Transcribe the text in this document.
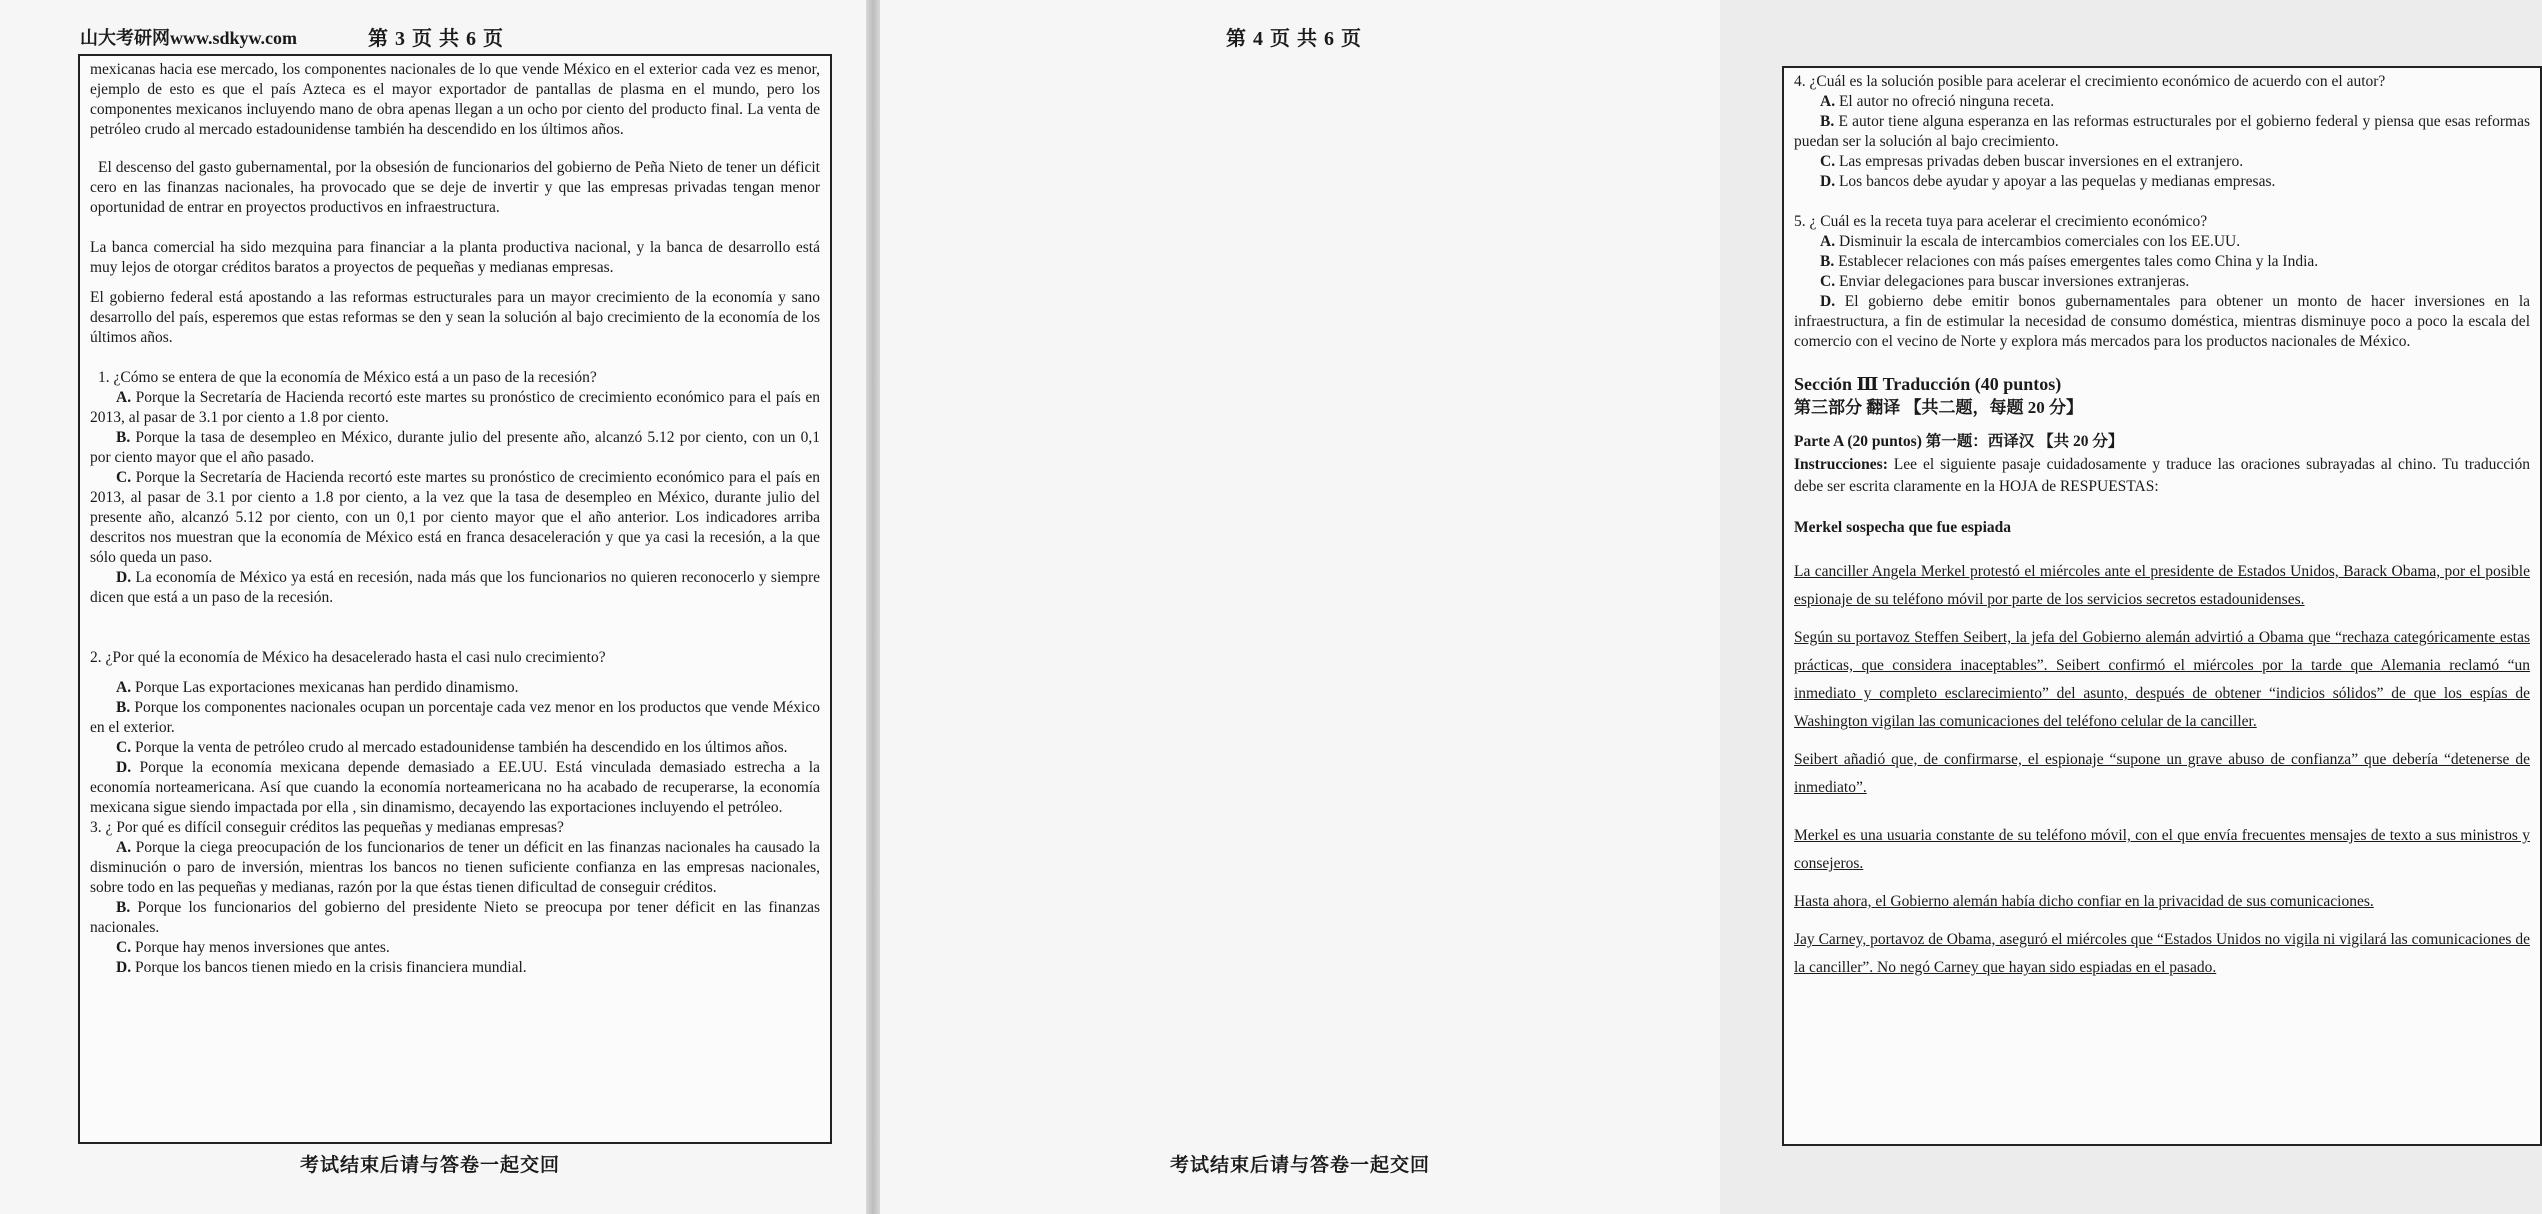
山大考研网www.sdkyw.com	第 3 页 共 6 页

mexicanas hacia ese mercado, los componentes nacionales de lo que vende México en el exterior cada vez es menor, ejemplo de esto es que el país Azteca es el mayor exportador de pantallas de plasma en el mundo, pero los componentes mexicanos incluyendo mano de obra apenas llegan a un ocho por ciento del producto final. La venta de petróleo crudo al mercado estadounidense también ha descendido en los últimos años.

El descenso del gasto gubernamental, por la obsesión de funcionarios del gobierno de Peña Nieto de tener un déficit cero en las finanzas nacionales, ha provocado que se deje de invertir y que las empresas privadas tengan menor oportunidad de entrar en proyectos productivos en infraestructura.

La banca comercial ha sido mezquina para financiar a la planta productiva nacional, y la banca de desarrollo está muy lejos de otorgar créditos baratos a proyectos de pequeñas y medianas empresas.

El gobierno federal está apostando a las reformas estructurales para un mayor crecimiento de la economía y sano desarrollo del país, esperemos que estas reformas se den y sean la solución al bajo crecimiento de la economía de los últimos años.

1. ¿Cómo se entera de que la economía de México está a un paso de la recesión?

A. Porque la Secretaría de Hacienda recortó este martes su pronóstico de crecimiento económico para el país en 2013, al pasar de 3.1 por ciento a 1.8 por ciento.

B. Porque la tasa de desempleo en México, durante julio del presente año, alcanzó 5.12 por ciento, con un 0,1 por ciento mayor que el año pasado.

C. Porque la Secretaría de Hacienda recortó este martes su pronóstico de crecimiento económico para el país en 2013, al pasar de 3.1 por ciento a 1.8 por ciento, a la vez que la tasa de desempleo en México, durante julio del presente año, alcanzó 5.12 por ciento, con un 0,1 por ciento mayor que el año anterior. Los indicadores arriba descritos nos muestran que la economía de México está en franca desaceleración y que ya casi la recesión, a la que sólo queda un paso.

D. La economía de México ya está en recesión, nada más que los funcionarios no quieren reconocerlo y siempre dicen que está a un paso de la recesión.

2. ¿Por qué la economía de México ha desacelerado hasta el casi nulo crecimiento?

A. Porque Las exportaciones mexicanas han perdido dinamismo.

B. Porque los componentes nacionales ocupan un porcentaje cada vez menor en los productos que vende México en el exterior.

C. Porque la venta de petróleo crudo al mercado estadounidense también ha descendido en los últimos años.

D. Porque la economía mexicana depende demasiado a EE.UU. Está vinculada demasiado estrecha a la economía norteamericana. Así que cuando la economía norteamericana no ha acabado de recuperarse, la economía mexicana sigue siendo impactada por ella , sin dinamismo, decayendo las exportaciones incluyendo el petróleo.

3. ¿ Por qué es difícil conseguir créditos las pequeñas y medianas empresas?

A. Porque la ciega preocupación de los funcionarios de tener un déficit en las finanzas nacionales ha causado la disminución o paro de inversión, mientras los bancos no tienen suficiente confianza en las empresas nacionales, sobre todo en las pequeñas y medianas, razón por la que éstas tienen dificultad de conseguir créditos.

B. Porque los funcionarios del gobierno del presidente Nieto se preocupa por tener déficit en las finanzas nacionales.

C. Porque hay menos inversiones que antes.

D. Porque los bancos tienen miedo en la crisis financiera mundial.

考试结束后请与答卷一起交回
第 4 页 共 6 页

4. ¿Cuál es la solución posible para acelerar el crecimiento económico de acuerdo con el autor?

A. El autor no ofreció ninguna receta.

B. E autor tiene alguna esperanza en las reformas estructurales por el gobierno federal y piensa que esas reformas puedan ser la solución al bajo crecimiento.

C. Las empresas privadas deben buscar inversiones en el extranjero.

D. Los bancos debe ayudar y apoyar a las pequelas y medianas empresas.

5. ¿ Cuál es la receta tuya para acelerar el crecimiento económico?

A. Disminuir la escala de intercambios comerciales con los EE.UU.

B. Establecer relaciones con más países emergentes tales como China y la India.

C. Enviar delegaciones para buscar inversiones extranjeras.

D. El gobierno debe emitir bonos gubernamentales para obtener un monto de hacer inversiones en la infraestructura, a fin de estimular la necesidad de consumo doméstica, mientras disminuye poco a poco la escala del comercio con el vecino de Norte y explora más mercados para los productos nacionales de México.

Sección Ⅲ Traducción (40 puntos)

第三部分 翻译 【共二题，每题 20 分】

Parte A (20 puntos) 第一题：西译汉 【共 20 分】

Instrucciones: Lee el siguiente pasaje cuidadosamente y traduce las oraciones subrayadas al chino. Tu traducción debe ser escrita claramente en la HOJA de RESPUESTAS:

Merkel sospecha que fue espiada

La canciller Angela Merkel protestó el miércoles ante el presidente de Estados Unidos, Barack Obama, por el posible espionaje de su teléfono móvil por parte de los servicios secretos estadounidenses.

Según su portavoz Steffen Seibert, la jefa del Gobierno alemán advirtió a Obama que “rechaza categóricamente estas prácticas, que considera inaceptables”. Seibert confirmó el miércoles por la tarde que Alemania reclamó “un inmediato y completo esclarecimiento” del asunto, después de obtener “indicios sólidos” de que los espías de Washington vigilan las comunicaciones del teléfono celular de la canciller.

Seibert añadió que, de confirmarse, el espionaje “supone un grave abuso de confianza” que debería “detenerse de inmediato”.

Merkel es una usuaria constante de su teléfono móvil, con el que envía frecuentes mensajes de texto a sus ministros y consejeros.

Hasta ahora, el Gobierno alemán había dicho confiar en la privacidad de sus comunicaciones.

Jay Carney, portavoz de Obama, aseguró el miércoles que “Estados Unidos no vigila ni vigilará las comunicaciones de la canciller”. No negó Carney que hayan sido espiadas en el pasado.

考试结束后请与答卷一起交回
